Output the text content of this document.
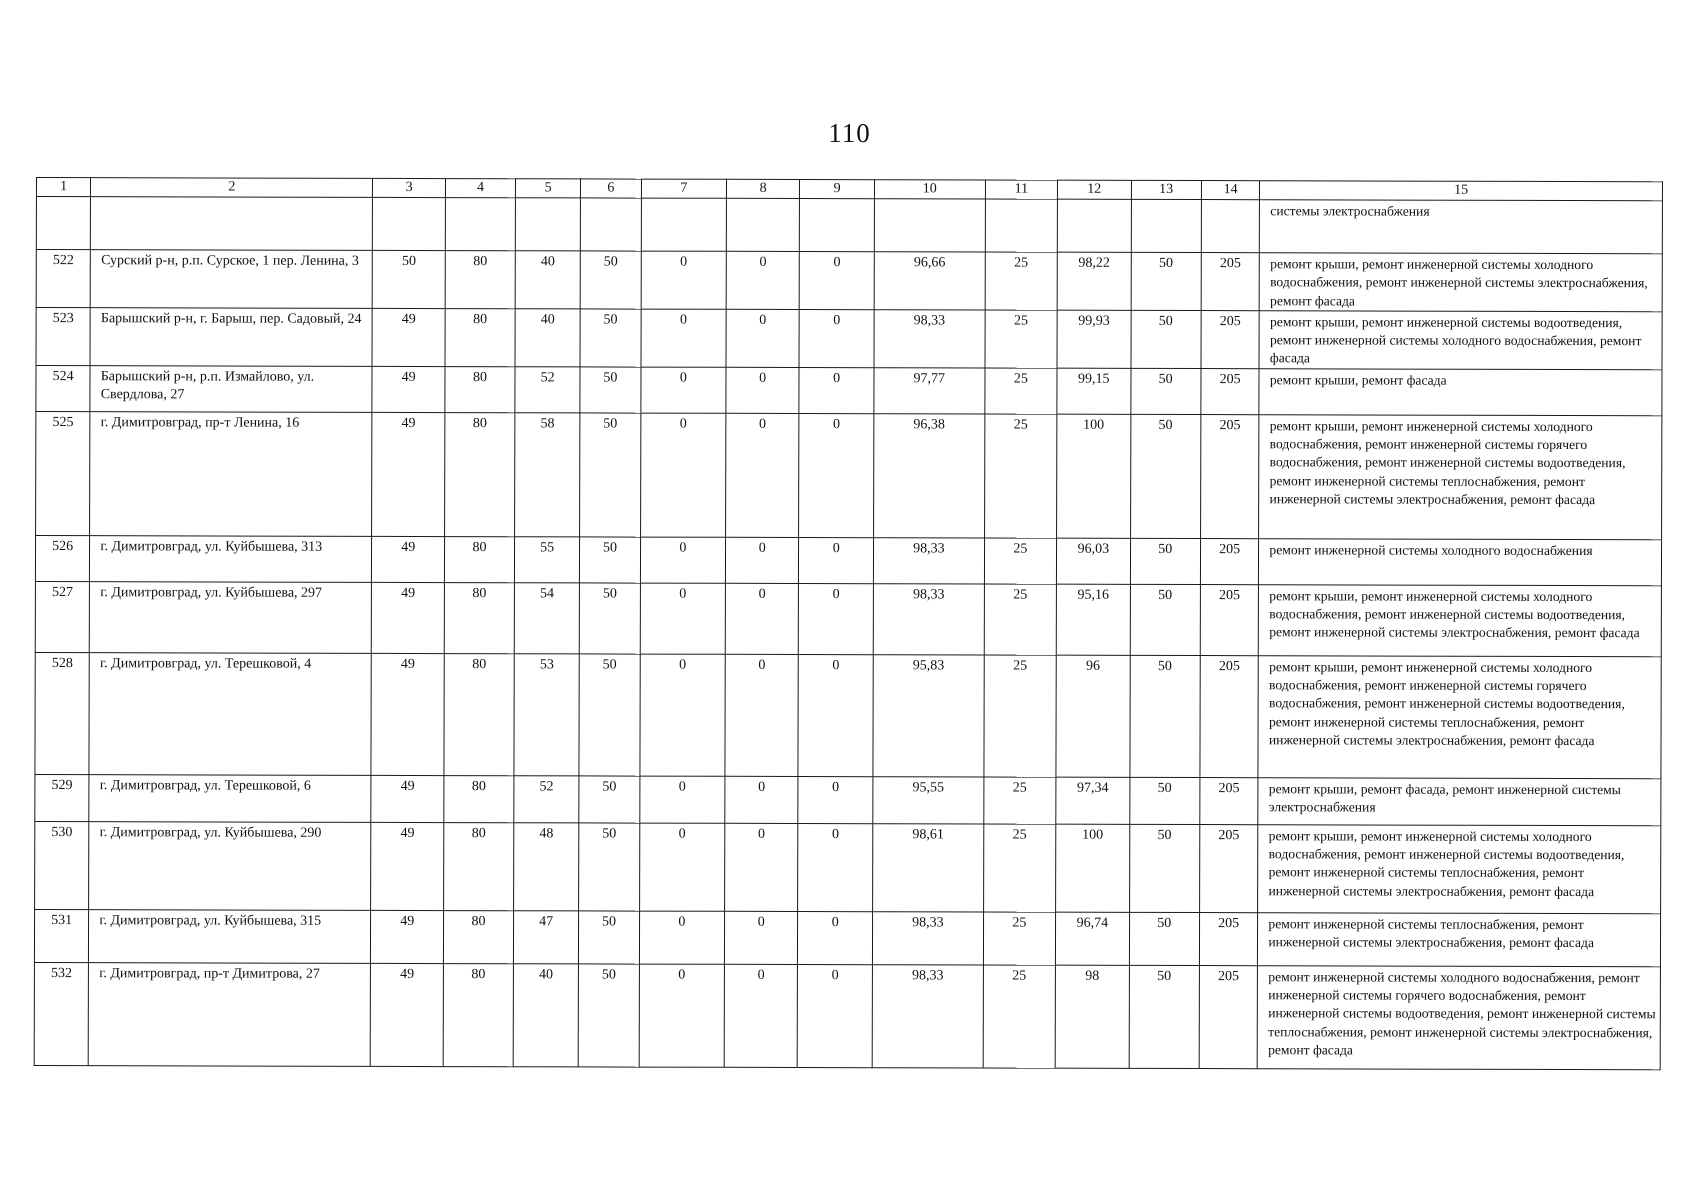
110
1	2	3	4	5	6	7	8	9	10	11	12	13	14	15
														системы электроснабжения
522	Сурский р-н, р.п. Сурское, 1 пер. Ленина, 3	50	80	40	50	0	0	0	96,66	25	98,22	50	205	ремонт крыши, ремонт инженерной системы холодного водоснабжения, ремонт инженерной системы электроснабжения, ремонт фасада
523	Барышский р-н, г. Барыш, пер. Садовый, 24	49	80	40	50	0	0	0	98,33	25	99,93	50	205	ремонт крыши, ремонт инженерной системы водоотведения, ремонт инженерной системы холодного водоснабжения, ремонт фасада
524	Барышский р-н, р.п. Измайлово, ул. Свердлова, 27	49	80	52	50	0	0	0	97,77	25	99,15	50	205	ремонт крыши, ремонт фасада
525	г. Димитровград, пр-т Ленина, 16	49	80	58	50	0	0	0	96,38	25	100	50	205	ремонт крыши, ремонт инженерной системы холодного водоснабжения, ремонт инженерной системы горячего водоснабжения, ремонт инженерной системы водоотведения, ремонт инженерной системы теплоснабжения, ремонт инженерной системы электроснабжения, ремонт фасада
526	г. Димитровград, ул. Куйбышева, 313	49	80	55	50	0	0	0	98,33	25	96,03	50	205	ремонт инженерной системы холодного водоснабжения
527	г. Димитровград, ул. Куйбышева, 297	49	80	54	50	0	0	0	98,33	25	95,16	50	205	ремонт крыши, ремонт инженерной системы холодного водоснабжения, ремонт инженерной системы водоотведения, ремонт инженерной системы электроснабжения, ремонт фасада
528	г. Димитровград, ул. Терешковой, 4	49	80	53	50	0	0	0	95,83	25	96	50	205	ремонт крыши, ремонт инженерной системы холодного водоснабжения, ремонт инженерной системы горячего водоснабжения, ремонт инженерной системы водоотведения, ремонт инженерной системы теплоснабжения, ремонт инженерной системы электроснабжения, ремонт фасада
529	г. Димитровград, ул. Терешковой, 6	49	80	52	50	0	0	0	95,55	25	97,34	50	205	ремонт крыши, ремонт фасада, ремонт инженерной системы электроснабжения
530	г. Димитровград, ул. Куйбышева, 290	49	80	48	50	0	0	0	98,61	25	100	50	205	ремонт крыши, ремонт инженерной системы холодного водоснабжения, ремонт инженерной системы водоотведения, ремонт инженерной системы теплоснабжения, ремонт инженерной системы электроснабжения, ремонт фасада
531	г. Димитровград, ул. Куйбышева, 315	49	80	47	50	0	0	0	98,33	25	96,74	50	205	ремонт инженерной системы теплоснабжения, ремонт инженерной системы электроснабжения, ремонт фасада
532	г. Димитровград, пр-т Димитрова, 27	49	80	40	50	0	0	0	98,33	25	98	50	205	ремонт инженерной системы холодного водоснабжения, ремонт инженерной системы горячего водоснабжения, ремонт инженерной системы водоотведения, ремонт инженерной системы теплоснабжения, ремонт инженерной системы электроснабжения, ремонт фасада
